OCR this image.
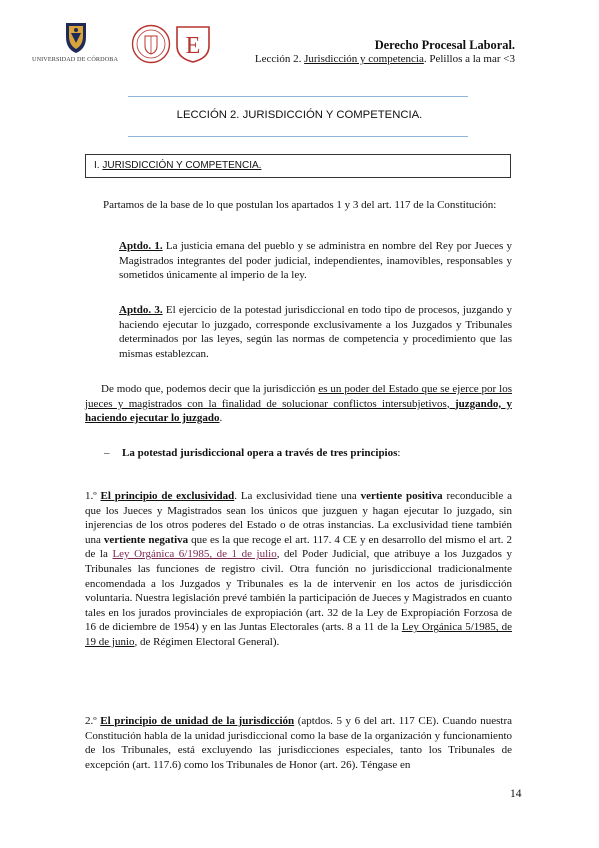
UNIVERSIDAD DE CÓRDOBA
E	Derecho Procesal Laboral.
Lección 2. Jurisdicción y competencia. Pelillos a la mar <3
LECCIÓN 2. JURISDICCIÓN Y COMPETENCIA.
I. JURISDICCIÓN Y COMPETENCIA.
Partamos de la base de lo que postulan los apartados 1 y 3 del art. 117 de la Constitución:
Aptdo. 1. La justicia emana del pueblo y se administra en nombre del Rey por Jueces y Magistrados integrantes del poder judicial, independientes, inamovibles, responsables y sometidos únicamente al imperio de la ley.
Aptdo. 3. El ejercicio de la potestad jurisdiccional en todo tipo de procesos, juzgando y haciendo ejecutar lo juzgado, corresponde exclusivamente a los Juzgados y Tribunales determinados por las leyes, según las normas de competencia y procedimiento que las mismas establezcan.
De modo que, podemos decir que la jurisdicción es un poder del Estado que se ejerce por los jueces y magistrados con la finalidad de solucionar conflictos intersubjetivos, juzgando, y haciendo ejecutar lo juzgado.
– La potestad jurisdiccional opera a través de tres principios:
1.º El principio de exclusividad. La exclusividad tiene una vertiente positiva reconducible a que los Jueces y Magistrados sean los únicos que juzguen y hagan ejecutar lo juzgado, sin injerencias de los otros poderes del Estado o de otras instancias. La exclusividad tiene también una vertiente negativa que es la que recoge el art. 117. 4 CE y en desarrollo del mismo el art. 2 de la Ley Orgánica 6/1985, de 1 de julio, del Poder Judicial, que atribuye a los Juzgados y Tribunales las funciones de registro civil. Otra función no jurisdiccional tradicionalmente encomendada a los Juzgados y Tribunales es la de intervenir en los actos de jurisdicción voluntaria. Nuestra legislación prevé también la participación de Jueces y Magistrados en cuanto tales en los jurados provinciales de expropiación (art. 32 de la Ley de Expropiación Forzosa de 16 de diciembre de 1954) y en las Juntas Electorales (arts. 8 a 11 de la Ley Orgánica 5/1985, de 19 de junio, de Régimen Electoral General).
2.º El principio de unidad de la jurisdicción (aptdos. 5 y 6 del art. 117 CE). Cuando nuestra Constitución habla de la unidad jurisdiccional como la base de la organización y funcionamiento de los Tribunales, está excluyendo las jurisdicciones especiales, tanto los Tribunales de excepción (art. 117.6) como los Tribunales de Honor (art. 26). Téngase en
14
